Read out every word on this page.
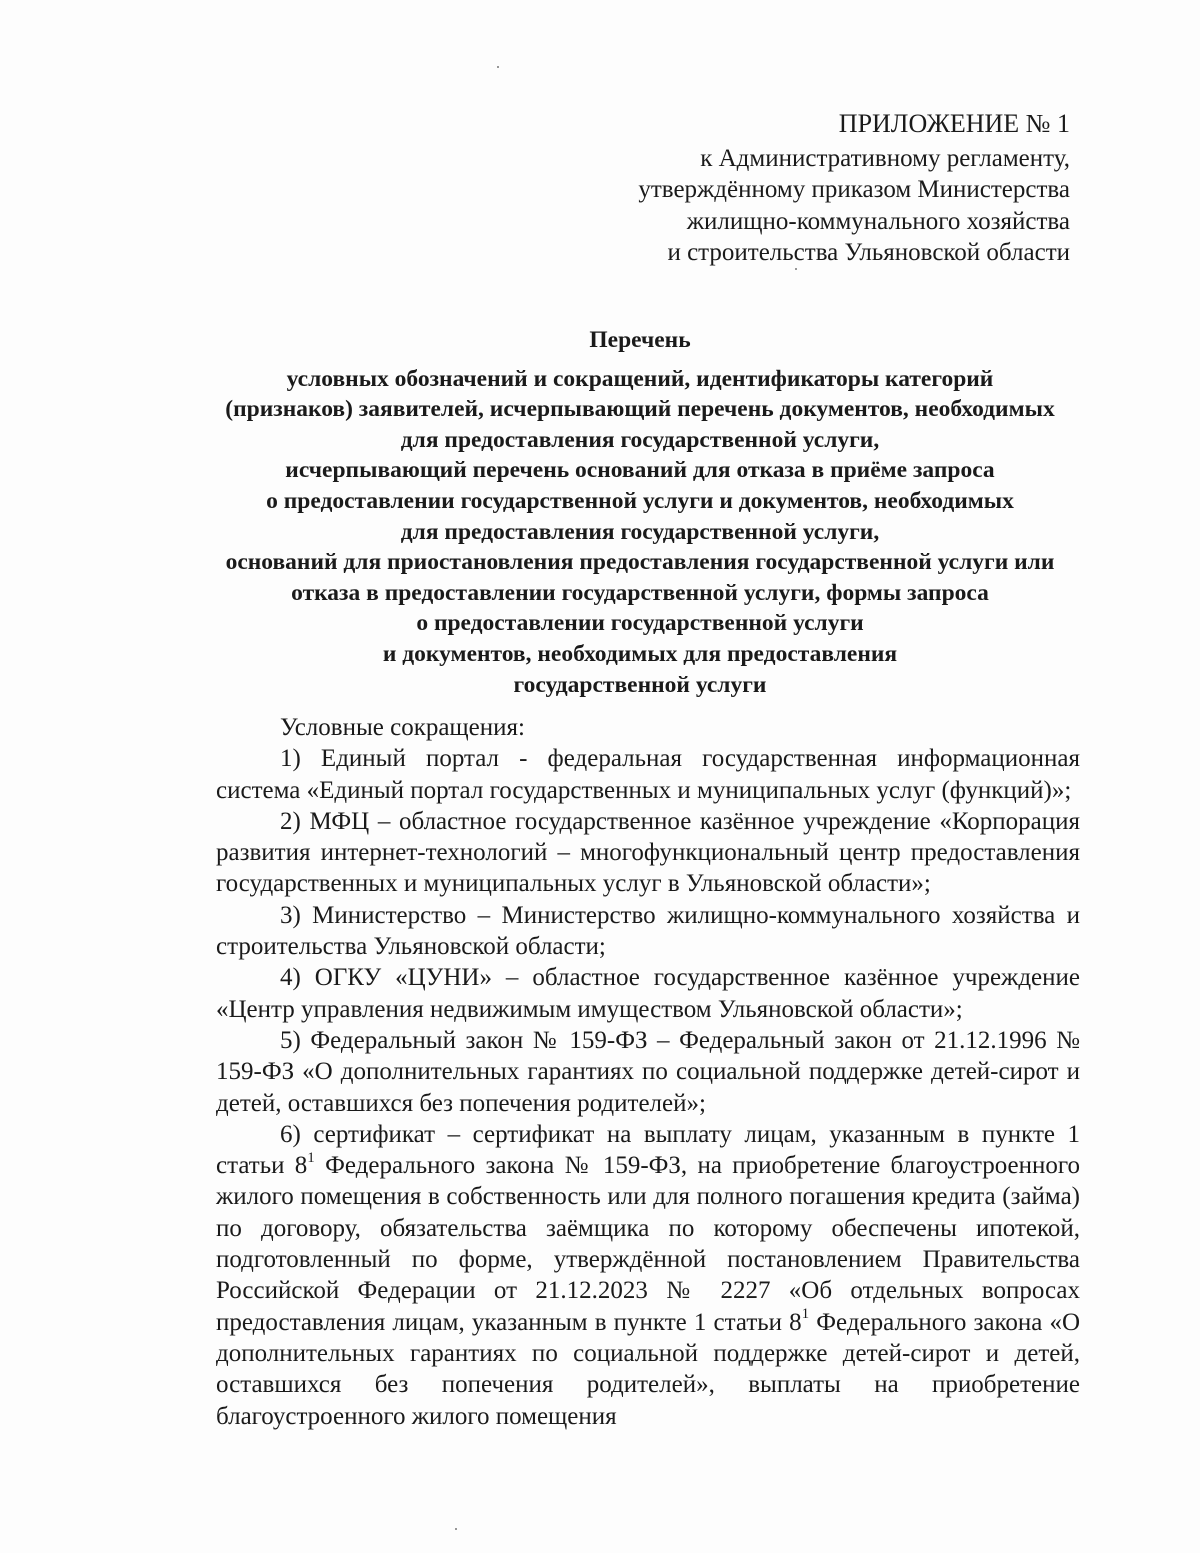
ПРИЛОЖЕНИЕ № 1
к Административному регламенту,
утверждённому приказом Министерства
жилищно-коммунального хозяйства
и строительства Ульяновской области
Перечень
условных обозначений и сокращений, идентификаторы категорий
(признаков) заявителей, исчерпывающий перечень документов, необходимых
для предоставления государственной услуги,
исчерпывающий перечень оснований для отказа в приёме запроса
о предоставлении государственной услуги и документов, необходимых
для предоставления государственной услуги,
оснований для приостановления предоставления государственной услуги или
отказа в предоставлении государственной услуги, формы запроса
о предоставлении государственной услуги
и документов, необходимых для предоставления
государственной услуги

Условные сокращения:

1) Единый портал - федеральная государственная информационная система «Единый портал государственных и муниципальных услуг (функций)»;

2) МФЦ – областное государственное казённое учреждение «Корпорация развития интернет-технологий – многофункциональный центр предоставления государственных и муниципальных услуг в Ульяновской области»;

3) Министерство – Министерство жилищно-коммунального хозяйства и строительства Ульяновской области;

4) ОГКУ «ЦУНИ» – областное государственное казённое учреждение «Центр управления недвижимым имуществом Ульяновской области»;

5) Федеральный закон № 159-ФЗ – Федеральный закон от 21.12.1996 № 159-ФЗ «О дополнительных гарантиях по социальной поддержке детей-сирот и детей, оставшихся без попечения родителей»;

6) сертификат – сертификат на выплату лицам, указанным в пункте 1 статьи $8^1$ Федерального закона № 159-ФЗ, на приобретение благоустроенного жилого помещения в собственность или для полного погашения кредита (займа) по договору, обязательства заёмщика по которому обеспечены ипотекой, подготовленный по форме, утверждённой постановлением Правительства Российской Федерации от 21.12.2023 № 2227 «Об отдельных вопросах предоставления лицам, указанным в пункте 1 статьи $8^1$ Федерального закона «О дополнительных гарантиях по социальной поддержке детей-сирот и детей, оставшихся без попечения родителей», выплаты на приобретение благоустроенного жилого помещения
